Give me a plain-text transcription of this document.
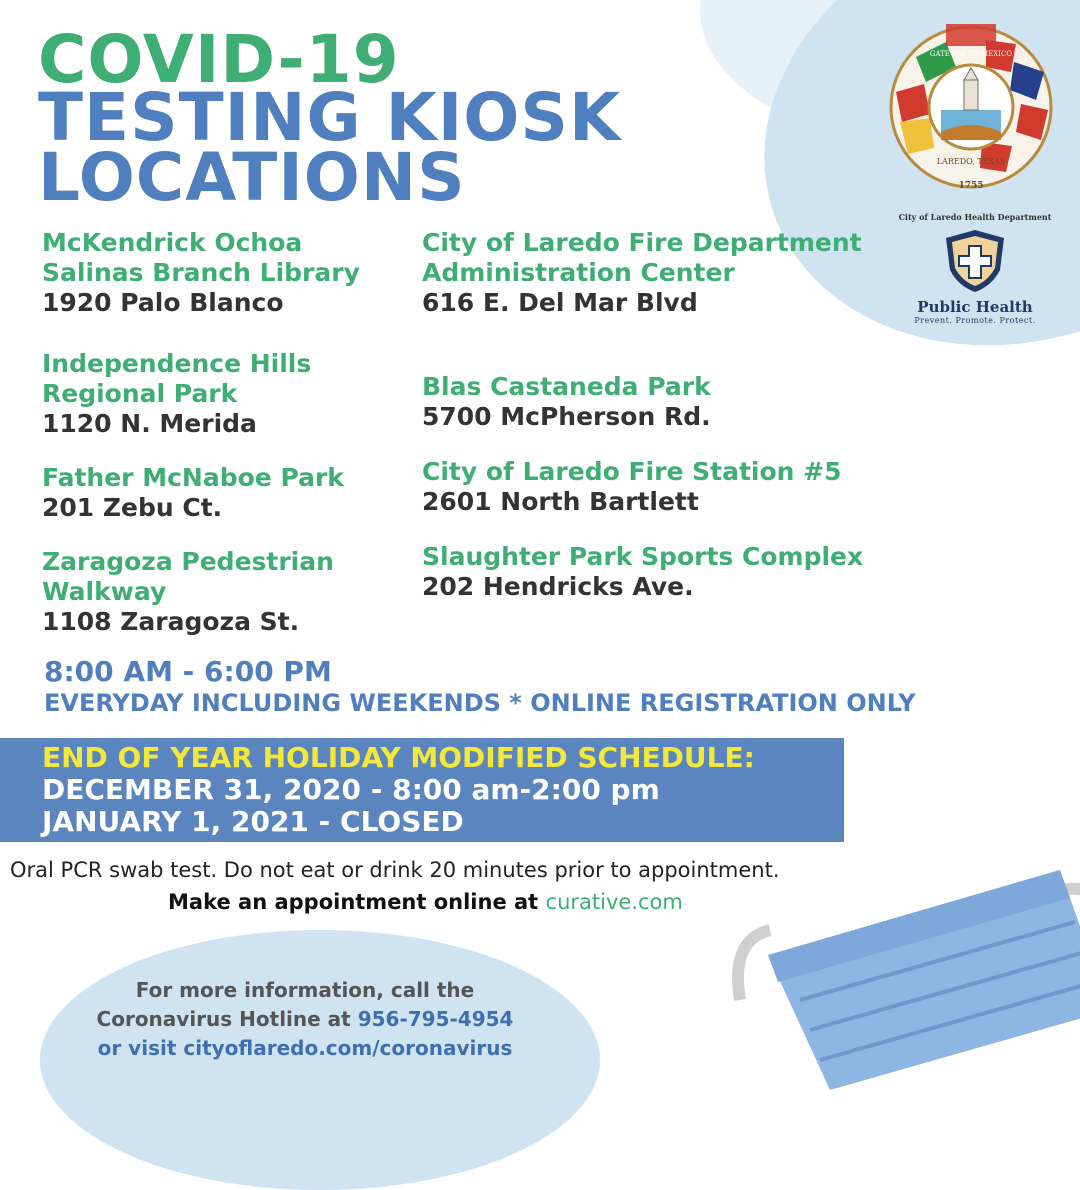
COVID-19
TESTING KIOSK
LOCATIONS
McKendrick Ochoa Salinas Branch Library
1920 Palo Blanco
Independence Hills Regional Park
1120 N. Merida
Father McNaboe Park
201 Zebu Ct.
Zaragoza Pedestrian Walkway
1108 Zaragoza St.
City of Laredo Fire Department Administration Center
616 E. Del Mar Blvd
Blas Castaneda Park
5700 McPherson Rd.
City of Laredo Fire Station #5
2601 North Bartlett
Slaughter Park Sports Complex
202 Hendricks Ave.
8:00 AM - 6:00 PM
EVERYDAY INCLUDING WEEKENDS * ONLINE REGISTRATION ONLY
END OF YEAR HOLIDAY MODIFIED SCHEDULE:
DECEMBER 31, 2020 - 8:00 am-2:00 pm
JANUARY 1, 2021 - CLOSED
Oral PCR swab test. Do not eat or drink 20 minutes prior to appointment.
Make an appointment online at curative.com
For more information, call the
Coronavirus Hotline at 956-795-4954
or visit cityoflaredo.com/coronavirus
LAREDO, TEXAS
GATEWAY TO MEXICO
1755
City of Laredo Health Department
Public Health
Prevent. Promote. Protect.
